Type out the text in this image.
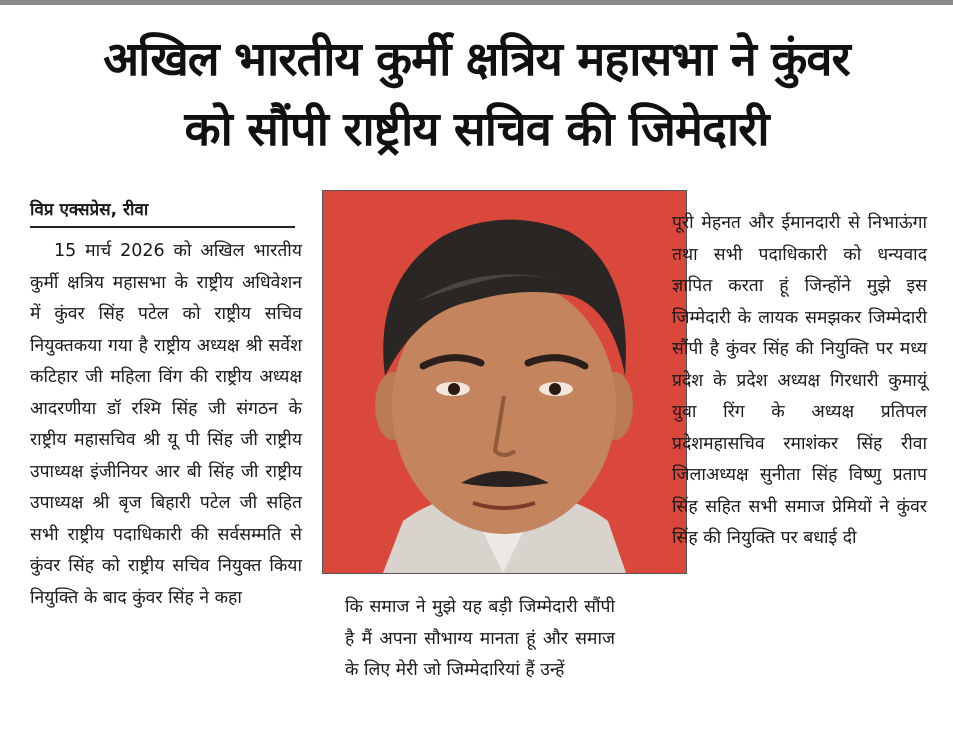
अखिल भारतीय कुर्मी क्षत्रिय महासभा ने कुंवर
को सौंपी राष्ट्रीय सचिव की जिमेदारी
विप्र एक्सप्रेस, रीवा

15 मार्च 2026 को अखिल भारतीय कुर्मी क्षत्रिय महासभा के राष्ट्रीय अधिवेशन में कुंवर सिंह पटेल को राष्ट्रीय सचिव नियुक्तकया गया है राष्ट्रीय अध्यक्ष श्री सर्वेश कटिहार जी महिला विंग की राष्ट्रीय अध्यक्ष आदरणीया डॉ रश्मि सिंह जी संगठन के राष्ट्रीय महासचिव श्री यू पी सिंह जी राष्ट्रीय उपाध्यक्ष इंजीनियर आर बी सिंह जी राष्ट्रीय उपाध्यक्ष श्री बृज बिहारी पटेल जी सहित सभी राष्ट्रीय पदाधिकारी की सर्वसम्मति से कुंवर सिंह को राष्ट्रीय सचिव नियुक्त किया नियुक्ति के बाद कुंवर सिंह ने कहा	कि समाज ने मुझे यह बड़ी जिम्मेदारी सौंपी है मैं अपना सौभाग्य मानता हूं और समाज के लिए मेरी जो जिम्मेदारियां हैं उन्हें

पूरी मेहनत और ईमानदारी से निभाऊंगा तथा सभी पदाधिकारी को धन्यवाद ज्ञापित करता हूं जिन्होंने मुझे इस जिम्मेदारी के लायक समझकर जिम्मेदारी सौंपी है कुंवर सिंह की नियुक्ति पर मध्य प्रदेश के प्रदेश अध्यक्ष गिरधारी कुमायूं युवा रिंग के अध्यक्ष प्रतिपल प्रदेशमहासचिव रमाशंकर सिंह रीवा जिलाअध्यक्ष सुनीता सिंह विष्णु प्रताप सिंह सहित सभी समाज प्रेमियों ने कुंवर सिंह की नियुक्ति पर बधाई दी
